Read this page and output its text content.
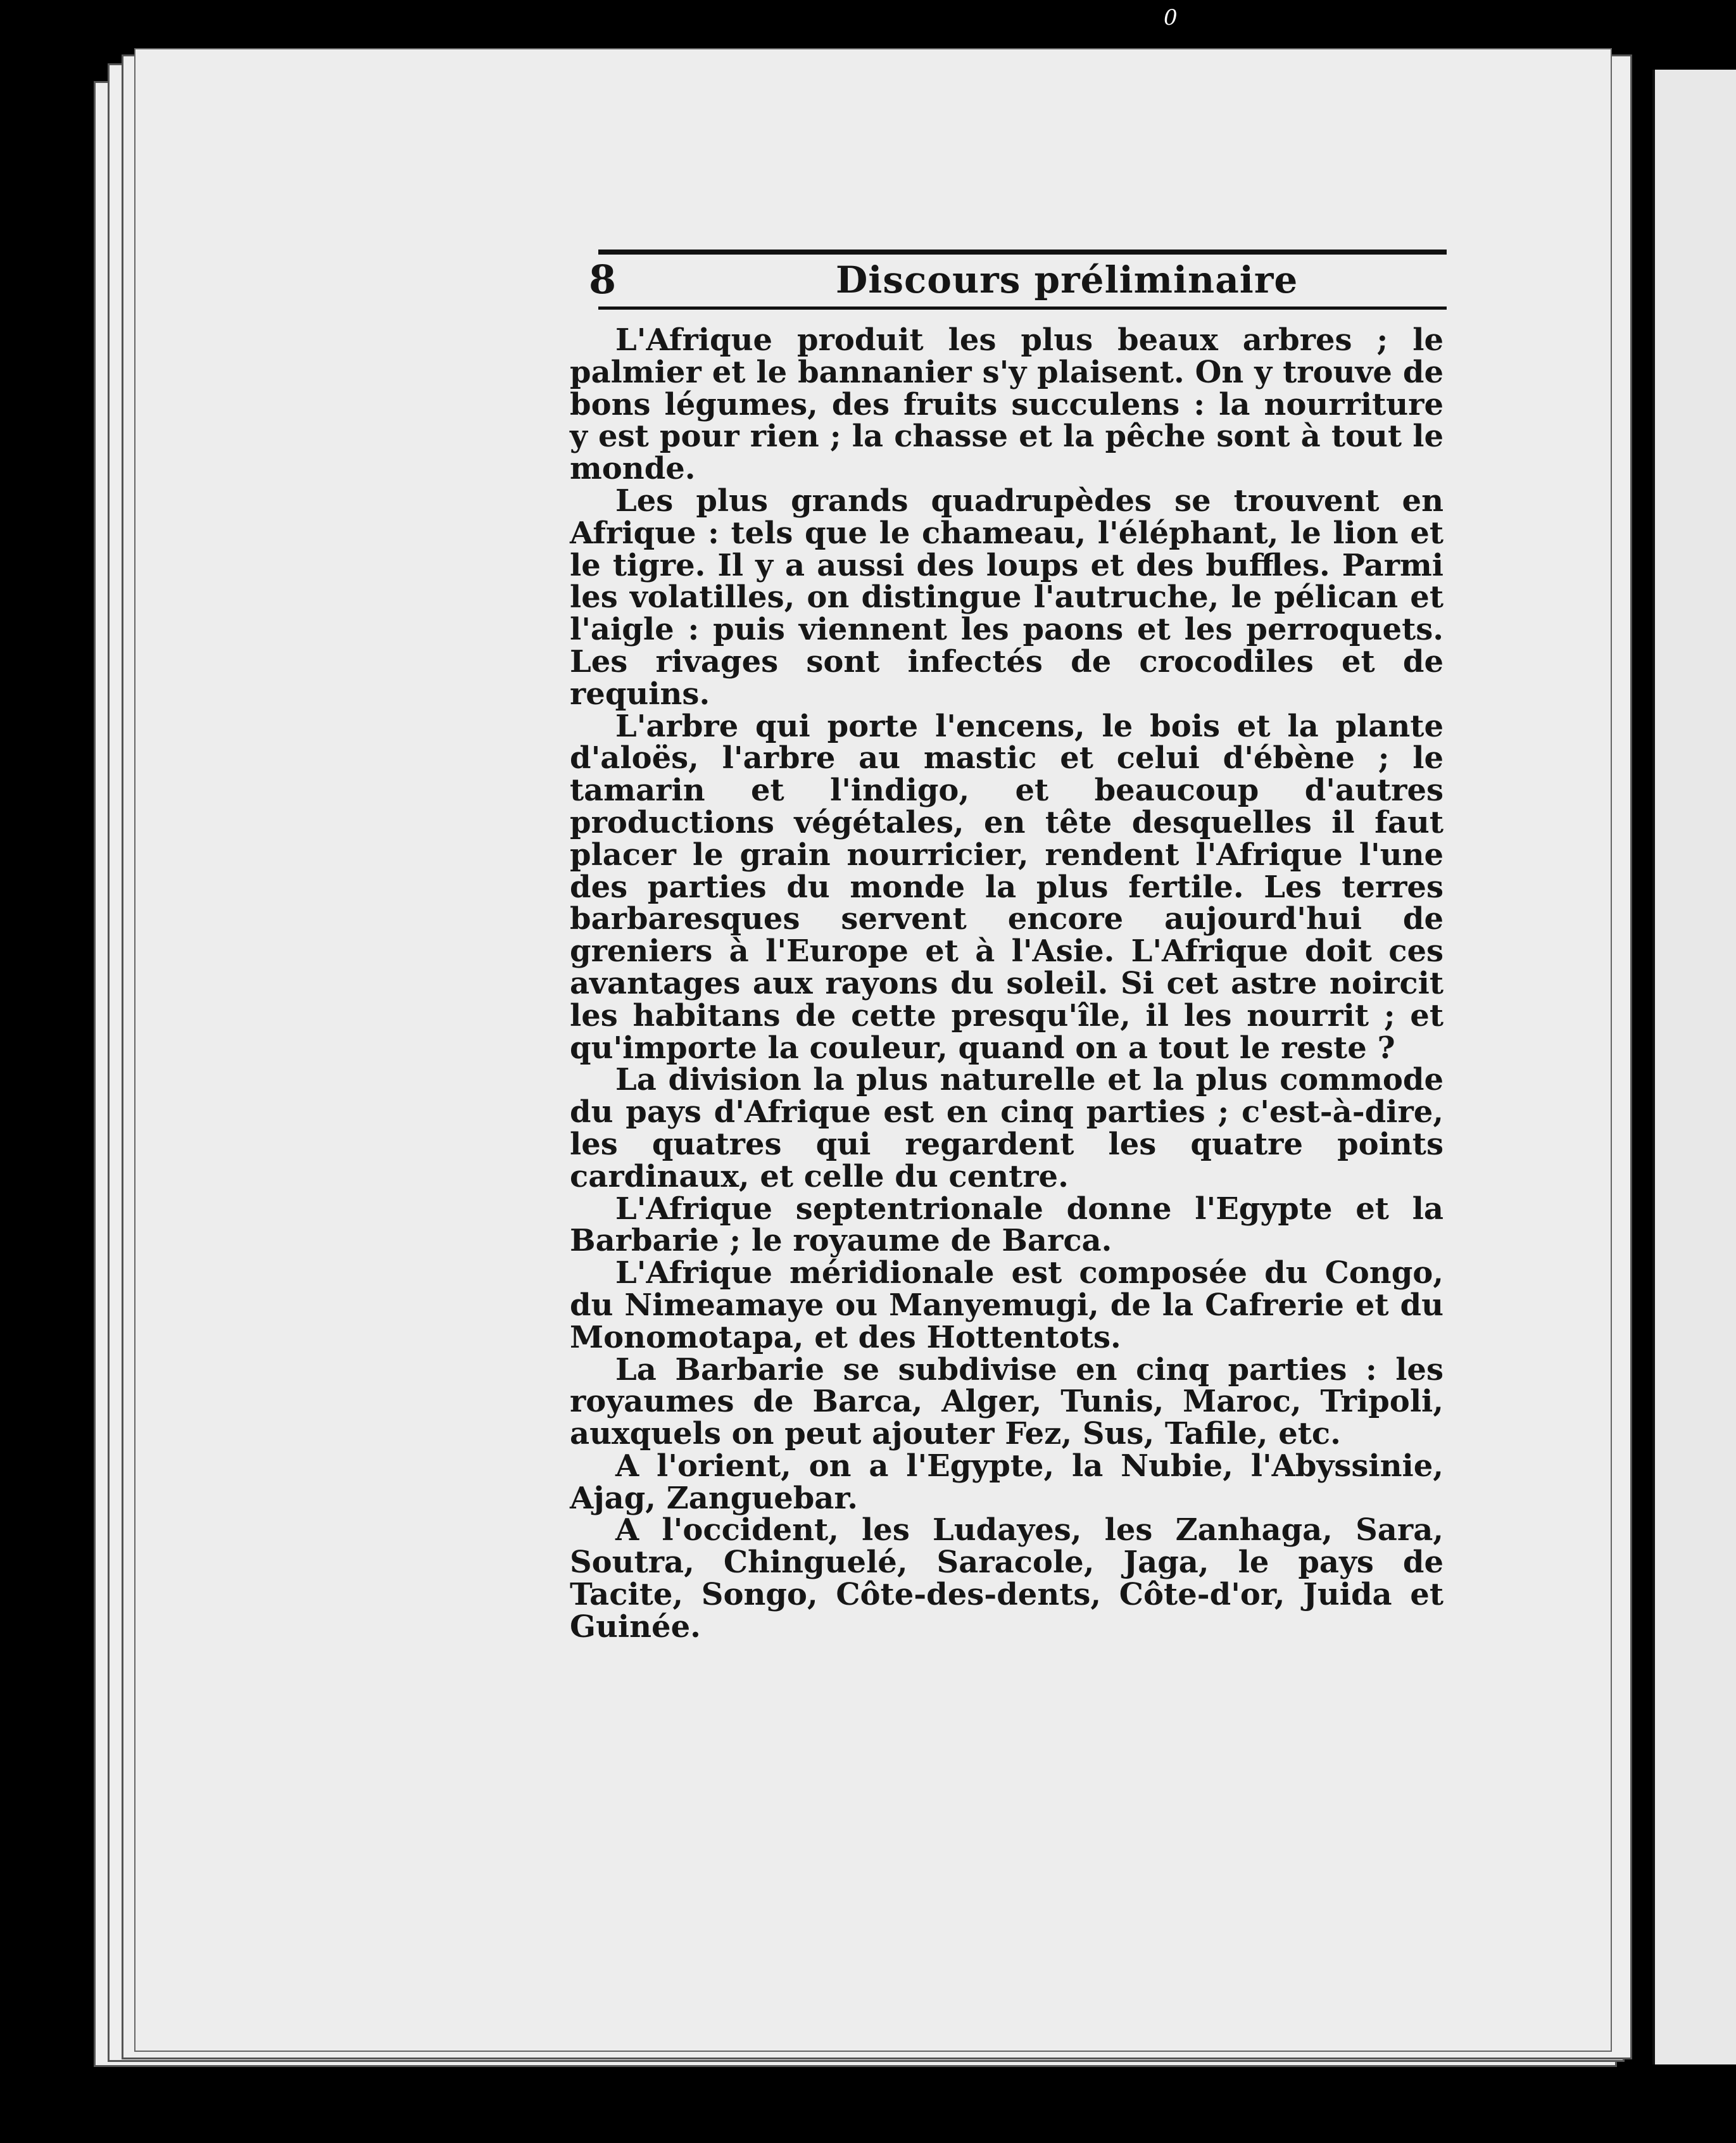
0
8	Discours préliminaire

L'Afrique produit les plus beaux arbres ; le palmier et le bannanier s'y plaisent. On y trouve de bons légumes, des fruits succulens : la nourriture y est pour rien ; la chasse et la pêche sont à tout le monde.

Les plus grands quadrupèdes se trouvent en Afrique : tels que le chameau, l'éléphant, le lion et le tigre. Il y a aussi des loups et des buffles. Parmi les volatilles, on distingue l'autruche, le pélican et l'aigle : puis viennent les paons et les perroquets. Les rivages sont infectés de crocodiles et de requins.

L'arbre qui porte l'encens, le bois et la plante d'aloës, l'arbre au mastic et celui d'ébène ; le tamarin et l'indigo, et beaucoup d'autres productions végétales, en tête desquelles il faut placer le grain nourricier, rendent l'Afrique l'une des parties du monde la plus fertile. Les terres barbaresques servent encore aujourd'hui de greniers à l'Europe et à l'Asie. L'Afrique doit ces avantages aux rayons du soleil. Si cet astre noircit les habitans de cette presqu'île, il les nourrit ; et qu'importe la couleur, quand on a tout le reste ?

La division la plus naturelle et la plus commode du pays d'Afrique est en cinq parties ; c'est-à-dire, les quatres qui regardent les quatre points cardinaux, et celle du centre.

L'Afrique septentrionale donne l'Egypte et la Barbarie ; le royaume de Barca.

L'Afrique méridionale est composée du Congo, du Nimeamaye ou Manyemugi, de la Cafrerie et du Monomotapa, et des Hottentots.

La Barbarie se subdivise en cinq parties : les royaumes de Barca, Alger, Tunis, Maroc, Tripoli, auxquels on peut ajouter Fez, Sus, Tafile, etc.

A l'orient, on a l'Egypte, la Nubie, l'Abyssinie, Ajag, Zanguebar.

A l'occident, les Ludayes, les Zanhaga, Sara, Soutra, Chinguelé, Saracole, Jaga, le pays de Tacite, Songo, Côte-des-dents, Côte-d'or, Juida et Guinée.
